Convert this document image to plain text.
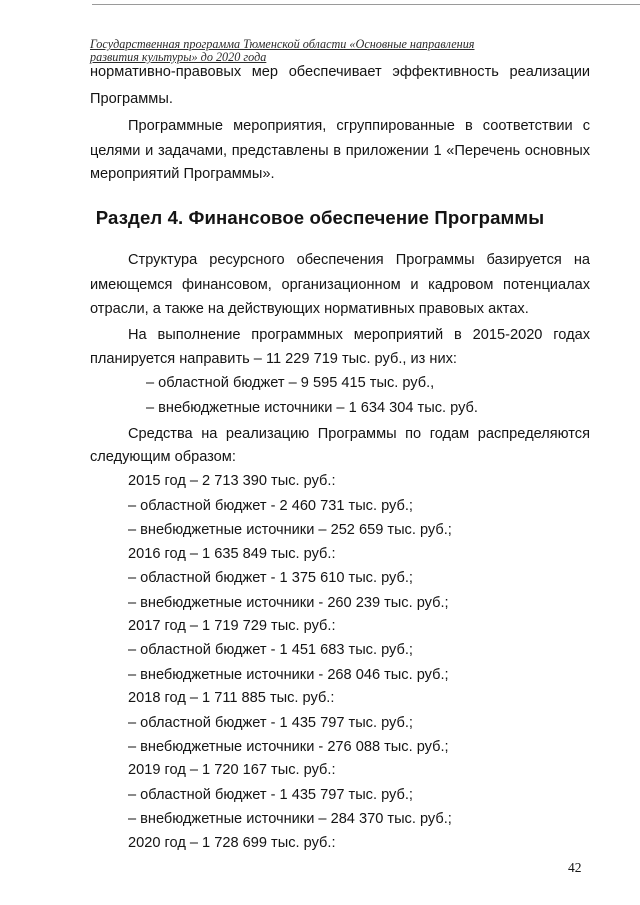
Государственная программа Тюменской области «Основные направления
развития культуры» до 2020 года
нормативно-правовых мер обеспечивает эффективность реализации
Программы.
Программные мероприятия, сгруппированные в соответствии с
целями и задачами, представлены в приложении 1 «Перечень основных
мероприятий Программы».
Раздел 4. Финансовое обеспечение Программы
Структура ресурсного обеспечения Программы базируется на
имеющемся финансовом, организационном и кадровом потенциалах
отрасли, а также на действующих нормативных правовых актах.
На выполнение программных мероприятий в 2015-2020 годах
планируется направить – 11 229 719 тыс. руб., из них:
– областной бюджет – 9 595 415 тыс. руб.,
– внебюджетные источники – 1 634 304 тыс. руб.
Средства на реализацию Программы по годам распределяются
следующим образом:
2015 год – 2 713 390 тыс. руб.:
– областной бюджет - 2 460 731 тыс. руб.;
– внебюджетные источники – 252 659 тыс. руб.;
2016 год – 1 635 849 тыс. руб.:
– областной бюджет - 1 375 610 тыс. руб.;
– внебюджетные источники - 260 239 тыс. руб.;
2017 год – 1 719 729 тыс. руб.:
– областной бюджет - 1 451 683 тыс. руб.;
– внебюджетные источники - 268 046 тыс. руб.;
2018 год – 1 711 885 тыс. руб.:
– областной бюджет - 1 435 797 тыс. руб.;
– внебюджетные источники - 276 088 тыс. руб.;
2019 год – 1 720 167 тыс. руб.:
– областной бюджет - 1 435 797 тыс. руб.;
– внебюджетные источники – 284 370 тыс. руб.;
2020 год – 1 728 699 тыс. руб.:
42
